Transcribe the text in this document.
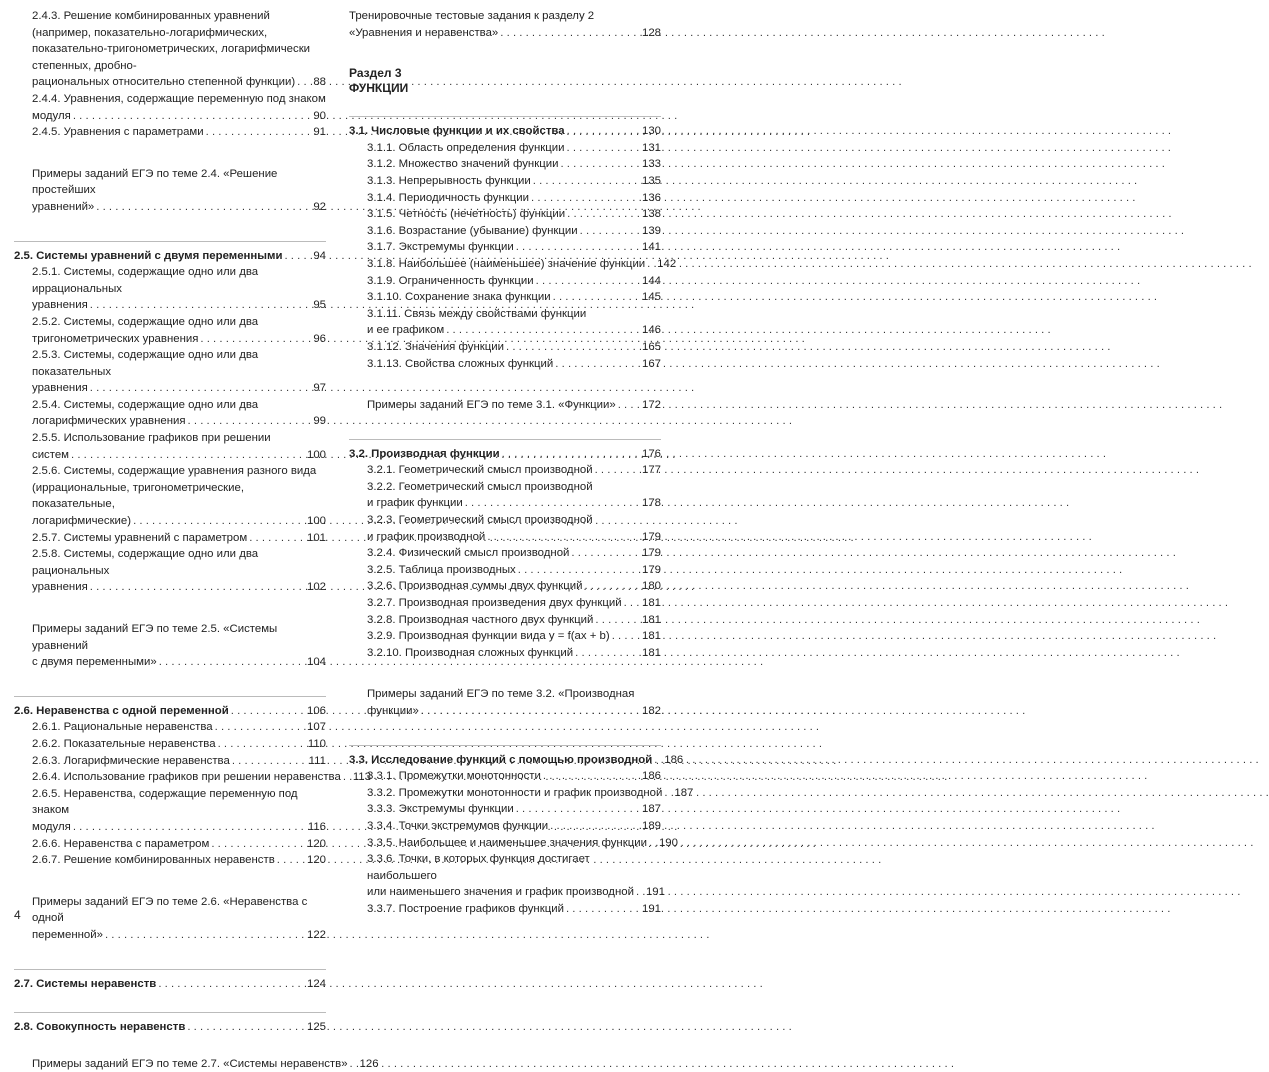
2.4.3. Решение комбинированных уравнений (например, показательно-логарифмических, показательно-тригонометрических, логарифмически степенных, дробно-
рациональных относительно степенной функции) . . . 88
2.4.4. Уравнения, содержащие переменную под знаком
модуля . . .	90
2.4.5. Уравнения с параметрами . . .	91
Примеры заданий ЕГЭ по теме 2.4. «Решение простейших
уравнений» . . .	92
2.5. Системы уравнений с двумя переменными . . .	94
2.5.1. Системы, содержащие одно или два иррациональных
уравнения . . .	95
2.5.2. Системы, содержащие одно или два
тригонометрических уравнения . . .	96
2.5.3. Системы, содержащие одно или два показательных
уравнения . . .	97
2.5.4. Системы, содержащие одно или два
логарифмических уравнения . . .	99
2.5.5. Использование графиков при решении
систем . . .	100
2.5.6. Системы, содержащие уравнения разного вида (иррациональные, тригонометрические, показательные,
логарифмические) . . .	100
2.5.7. Системы уравнений с параметром . . .	101
2.5.8. Системы, содержащие одно или два рациональных
уравнения . . .	102
Примеры заданий ЕГЭ по теме 2.5. «Системы уравнений
с двумя переменными» . . .	104
2.6. Неравенства с одной переменной . . .	106
2.6.1. Рациональные неравенства . . .	107
2.6.2. Показательные неравенства . . .	110
2.6.3. Логарифмические неравенства . . .	111
2.6.4. Использование графиков при решении неравенства . . . 113
2.6.5. Неравенства, содержащие переменную под знаком
модуля . . .	116
2.6.6. Неравенства с параметром . . .	120
2.6.7. Решение комбинированных неравенств . . .	120
Примеры заданий ЕГЭ по теме 2.6. «Неравенства с одной
переменной» . . .	122
2.7. Системы неравенств . . .	124
2.8. Совокупность неравенств . . .	125
Примеры заданий ЕГЭ по теме 2.7. «Системы неравенств» . . . 126
Тренировочные тестовые задания к разделу 2
«Уравнения и неравенства» . . .	128
Раздел 3
ФУНКЦИИ
3.1. Числовые функции и их свойства . . .	130
3.1.1. Область определения функции . . .	131
3.1.2. Множество значений функции . . .	133
3.1.3. Непрерывность функции . . .	135
3.1.4. Периодичность функции . . .	136
3.1.5. Четность (нечетность) функции . . .	138
3.1.6. Возрастание (убывание) функции . . .	139
3.1.7. Экстремумы функции . . .	141
3.1.8. Наибольшее (наименьшее) значение функции . . . 142
3.1.9. Ограниченность функции . . .	144
3.1.10. Сохранение знака функции . . .	145
3.1.11. Связь между свойствами функции
и ее графиком . . .	146
3.1.12. Значения функции . . .	165
3.1.13. Свойства сложных функций . . .	167
Примеры заданий ЕГЭ по теме 3.1. «Функции» . . . 172
3.2. Производная функции . . .	176
3.2.1. Геометрический смысл производной . . .	177
3.2.2. Геометрический смысл производной
и график функции . . .	178
3.2.3. Геометрический смысл производной
и график производной . . .	179
3.2.4. Физический смысл производной . . .	179
3.2.5. Таблица производных . . .	179
3.2.6. Производная суммы двух функций . . .	180
3.2.7. Производная произведения двух функций . . . 181
3.2.8. Производная частного двух функций . . .	181
3.2.9. Производная функции вида y = f(ax + b) . . .	181
3.2.10. Производная сложных функций . . .	181
Примеры заданий ЕГЭ по теме 3.2. «Производная
функции» . . .	182
3.3. Исследование функций с помощью производной . . . 186
3.3.1. Промежутки монотонности . . .	186
3.3.2. Промежутки монотонности и график производной . . . 187
3.3.3. Экстремумы функции . . .	187
3.3.4. Точки экстремумов функции . . .	189
3.3.5. Наибольшее и наименьшее значения функции . . . 190
3.3.6. Точки, в которых функция достигает наибольшего
или наименьшего значения и график производной . . . 191
3.3.7. Построение графиков функций . . .	191
4
